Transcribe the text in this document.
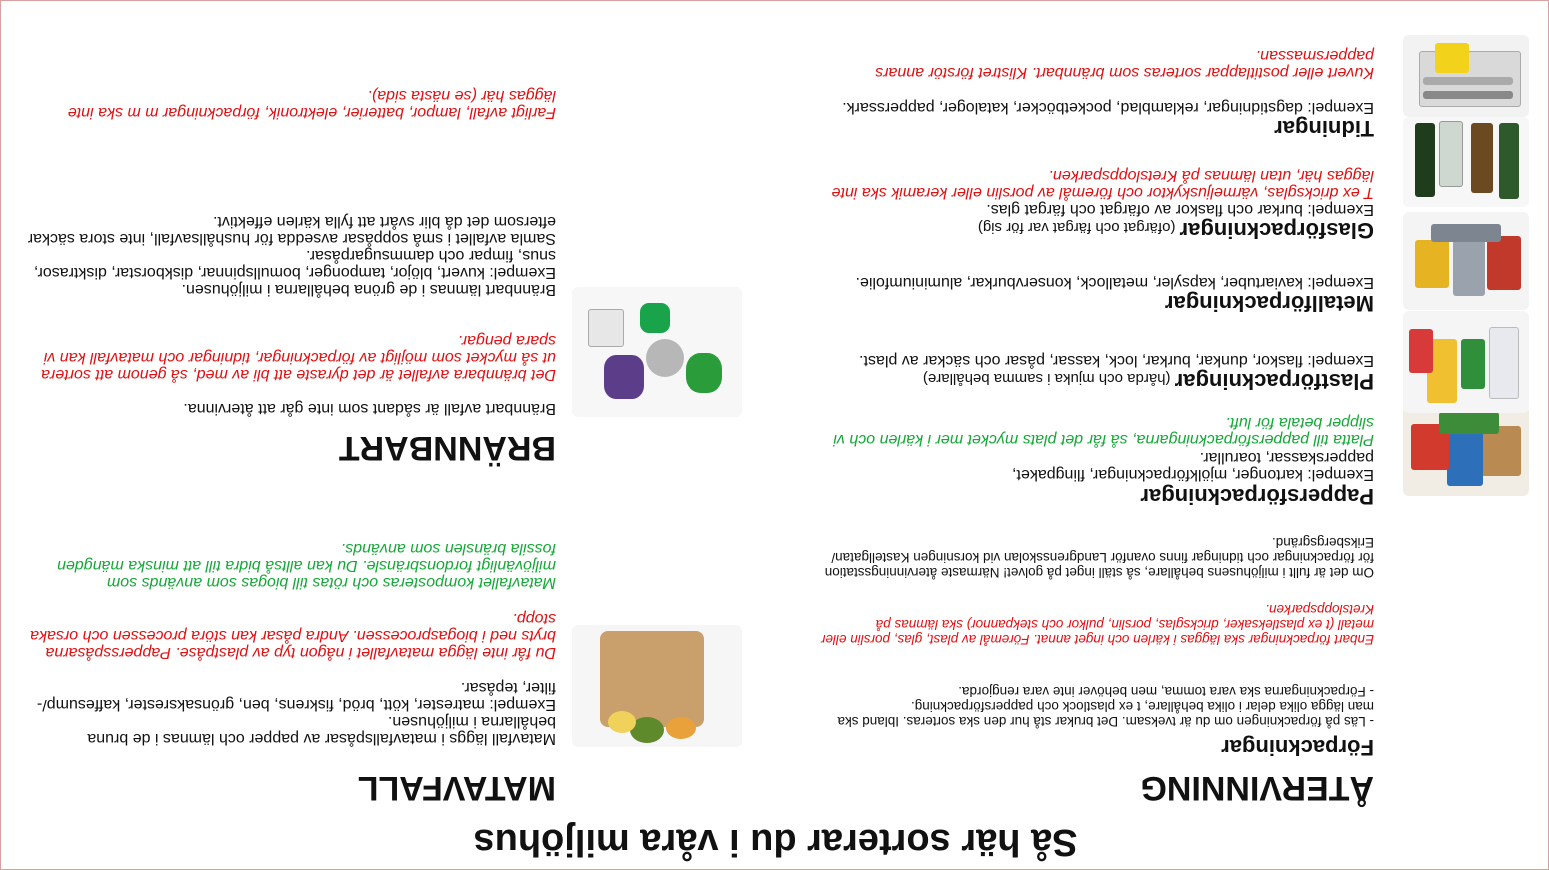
Så här sorterar du i våra miljöhus
ÅTERVINNING
Förpackningar
- Läs på förpackningen om du är tveksam. Det brukar stå hur den ska sorteras. Ibland ska man lägga olika delar i olika behållare, t ex plastlock och pappersförpackning.
- Förpackningarna ska vara tomma, men behöver inte vara rengjorda.
Enbart förpackningar ska läggas i kärlen och inget annat. Föremål av plast, glas, porslin eller metall (t ex plastleksaker, dricksglas, porslin, pulkor och stekpannor) ska lämnas på Kretsloppsparken.
Om det är fullt i miljöhusens behållare, så ställ inget på golvet! Närmaste återvinningsstation för förpackningar och tidningar finns ovanför Landgrensskolan vid korsningen Kastellgatan/ Eriksbergsgränd.
Pappersförpackningar
Exempel: kartonger, mjölkförpackningar, flingpaket, papperskassar, toarullar.
Platta till pappersförpackningarna, så får det plats mycket mer i kärlen och vi slipper betala för luft.
Plastförpackningar (hårda och mjuka i samma behållare)
Exempel: flaskor, dunkar, burkar, lock, kassar, påsar och säckar av plast.
Metallförpackningar
Exempel: kaviartuber, kapsyler, metallock, konservburkar, aluminiumfolie.
Glasförpackningar (ofärgat och färgat var för sig)
Exempel: burkar och flaskor av ofärgat och färgat glas.
T ex dricksglas, värmeljuskyktor och föremål av porslin eller keramik ska inte läggas här, utan lämnas på Kretsloppsparken.
Tidningar
Exempel: dagstidningar, reklamblad, pocketböcker, kataloger, papperssark.
Kuvert eller postitlappar sorteras som brännbart. Klistret förstör annars pappersmassan.
MATAVFALL
Matavfall läggs i matavfallspåsar av papper och lämnas i de bruna behållarna i miljöhusen.
Exempel: matrester, kött, bröd, fiskrens, ben, grönsaksrester, kaffesump/-filter, tepåsar.
Du får inte lägga matavfallet i någon typ av plastpåse. Pappersspåsarna bryts ned i biogasprocessen. Andra påsar kan störa processen och orsaka stopp.
Matavfallet komposteras och rötas till biogas som används som miljövänligt fordonsbränsle. Du kan alltså bidra till att minska mängden fossila bränslen som används.
BRÄNNBART
Brännbart avfall är sådant som inte går att återvinna.
Det brännbara avfallet är det dyraste att bli av med, så genom att sortera ut så mycket som möjligt av förpackningar, tidningar och matavfall kan vi spara pengar.
Brännbart lämnas i de gröna behållarna i miljöhusen.
Exempel: kuvert, blöjor, tamponger, bomullspinnar, diskborstar, disktrasor, snus, fimpar och dammsugarpåsar.
Samla avfallet i små soppåsar avsedda för hushållsavfall, inte stora säckar eftersom det då blir svårt att fylla kärlen effektivt.
Farligt avfall, lampor, batterier, elektronik, förpackningar m m ska inte läggas här (se nästa sida).
